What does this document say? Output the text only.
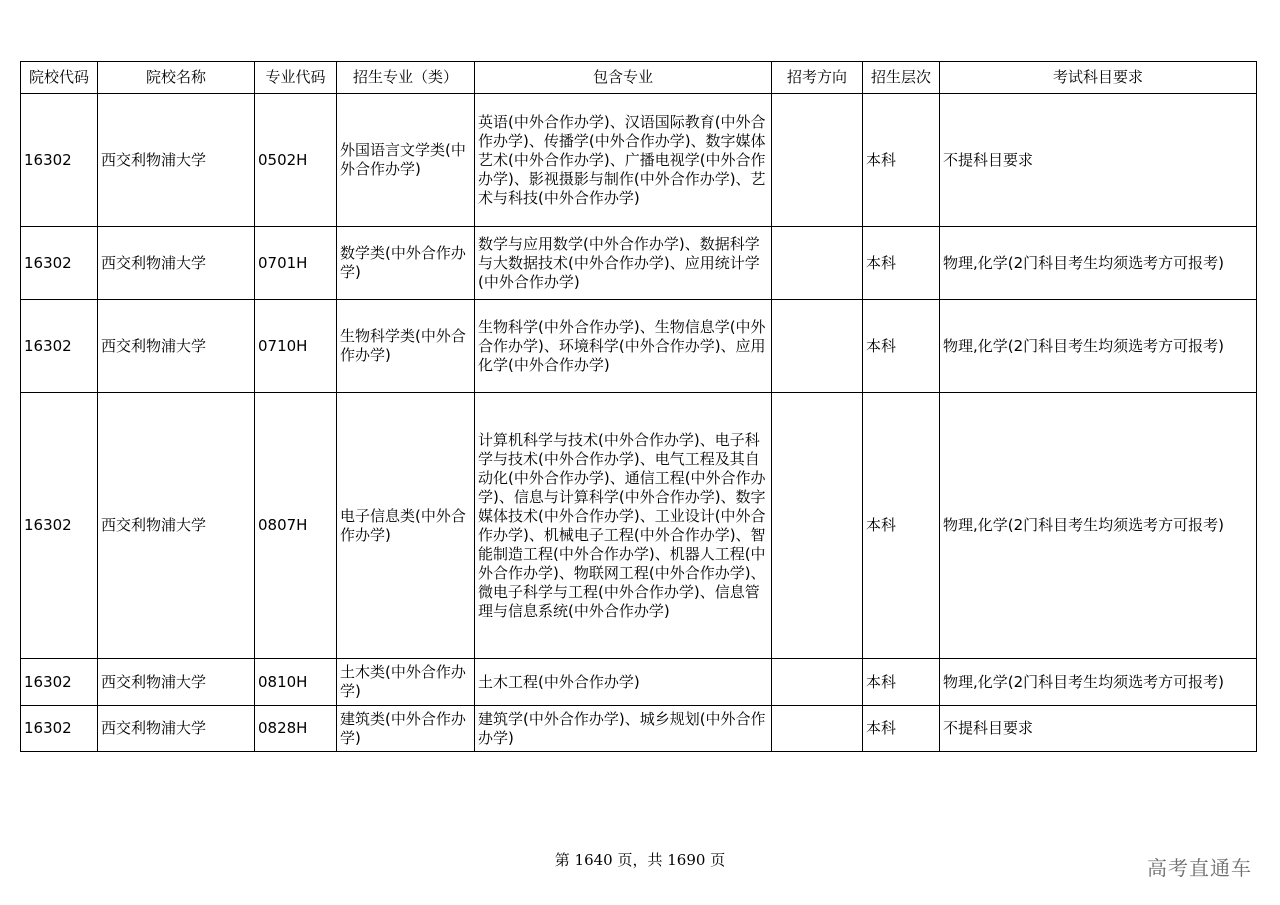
院校代码	院校名称	专业代码	招生专业（类）	包含专业	招考方向	招生层次	考试科目要求
16302	西交利物浦大学	0502H	外国语言文学类(中外合作办学)	英语(中外合作办学)、汉语国际教育(中外合作办学)、传播学(中外合作办学)、数字媒体艺术(中外合作办学)、广播电视学(中外合作办学)、影视摄影与制作(中外合作办学)、艺术与科技(中外合作办学)		本科	不提科目要求
16302	西交利物浦大学	0701H	数学类(中外合作办学)	数学与应用数学(中外合作办学)、数据科学与大数据技术(中外合作办学)、应用统计学(中外合作办学)		本科	物理,化学(2门科目考生均须选考方可报考)
16302	西交利物浦大学	0710H	生物科学类(中外合作办学)	生物科学(中外合作办学)、生物信息学(中外合作办学)、环境科学(中外合作办学)、应用化学(中外合作办学)		本科	物理,化学(2门科目考生均须选考方可报考)
16302	西交利物浦大学	0807H	电子信息类(中外合作办学)	计算机科学与技术(中外合作办学)、电子科学与技术(中外合作办学)、电气工程及其自动化(中外合作办学)、通信工程(中外合作办学)、信息与计算科学(中外合作办学)、数字媒体技术(中外合作办学)、工业设计(中外合作办学)、机械电子工程(中外合作办学)、智能制造工程(中外合作办学)、机器人工程(中外合作办学)、物联网工程(中外合作办学)、微电子科学与工程(中外合作办学)、信息管理与信息系统(中外合作办学)		本科	物理,化学(2门科目考生均须选考方可报考)
16302	西交利物浦大学	0810H	土木类(中外合作办学)	土木工程(中外合作办学)		本科	物理,化学(2门科目考生均须选考方可报考)
16302	西交利物浦大学	0828H	建筑类(中外合作办学)	建筑学(中外合作办学)、城乡规划(中外合作办学)		本科	不提科目要求
第 1640 页，共 1690 页	高考直通车
